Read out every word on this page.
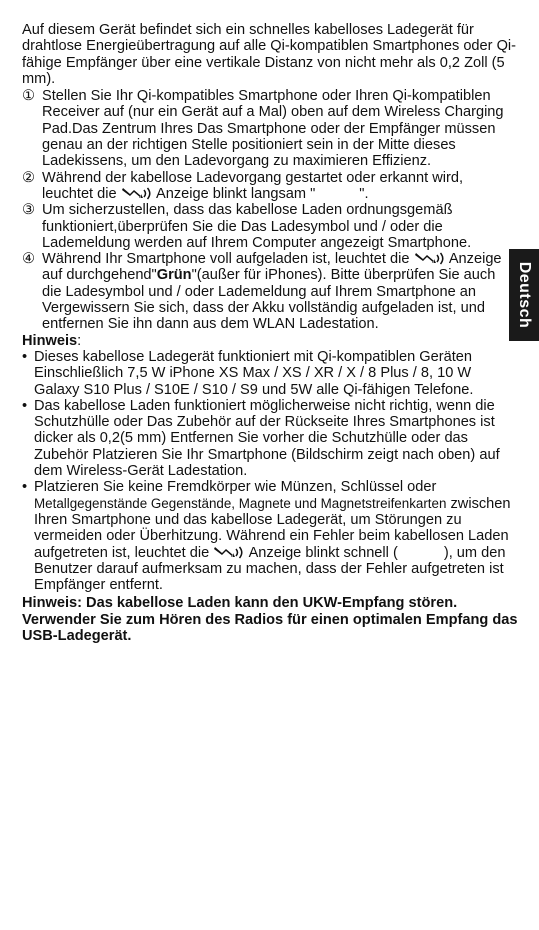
Auf diesem Gerät befindet sich ein schnelles kabelloses Ladegerät für drahtlose Energieübertragung auf alle Qi-kompatiblen Smartphones oder Qi-fähige Empfänger über eine vertikale Distanz von nicht mehr als 0,2 Zoll (5 mm).

① Stellen Sie Ihr Qi-kompatibles Smartphone oder Ihren Qi-kompatiblen Receiver auf (nur ein Gerät auf a Mal) oben auf dem Wireless Charging Pad.Das Zentrum Ihres Das Smartphone oder der Empfänger müssen genau an der richtigen Stelle positioniert sein in der Mitte dieses Ladekissens, um den Ladevorgang zu maximieren Effizienz.
② Während der kabellose Ladevorgang gestartet oder erkannt wird, leuchtet die	Anzeige blinkt langsam "	".
③ Um sicherzustellen, dass das kabellose Laden ordnungsgemäß funktioniert,überprüfen Sie die Das Ladesymbol und / oder die Lademeldung werden auf Ihrem Computer angezeigt Smartphone.
④ Während Ihr Smartphone voll aufgeladen ist, leuchtet die	Anzeige auf durchgehend"Grün"(außer für iPhones). Bitte überprüfen Sie auch die Ladesymbol und / oder Lademeldung auf Ihrem Smartphone an Vergewissern Sie sich, dass der Akku vollständig aufgeladen ist, und entfernen Sie ihn dann aus dem WLAN Ladestation.

Hinweis:

• Dieses kabellose Ladegerät funktioniert mit Qi-kompatiblen Geräten Einschließlich 7,5 W iPhone XS Max / XS / XR / X / 8 Plus / 8, 10 W Galaxy S10 Plus / S10E / S10 / S9 und 5W alle Qi-fähigen Telefone.
• Das kabellose Laden funktioniert möglicherweise nicht richtig, wenn die Schutzhülle oder Das Zubehör auf der Rückseite Ihres Smartphones ist dicker als 0,2(5 mm) Entfernen Sie vorher die Schutzhülle oder das Zubehör Platzieren Sie Ihr Smartphone (Bildschirm zeigt nach oben) auf dem Wireless-Gerät Ladestation.
• Platzieren Sie keine Fremdkörper wie Münzen, Schlüssel oder Metallgegenstände Gegenstände, Magnete und Magnetstreifenkarten zwischen Ihren Smartphone und das kabellose Ladegerät, um Störungen zu vermeiden oder Überhitzung. Während ein Fehler beim kabellosen Laden aufgetreten ist, leuchtet die	Anzeige blinkt schnell (	), um den Benutzer darauf aufmerksam zu machen, dass der Fehler aufgetreten ist Empfänger entfernt.

Hinweis: Das kabellose Laden kann den UKW-Empfang stören. Verwender Sie zum Hören des Radios für einen optimalen Empfang das USB-Ladegerät.

Deutsch
